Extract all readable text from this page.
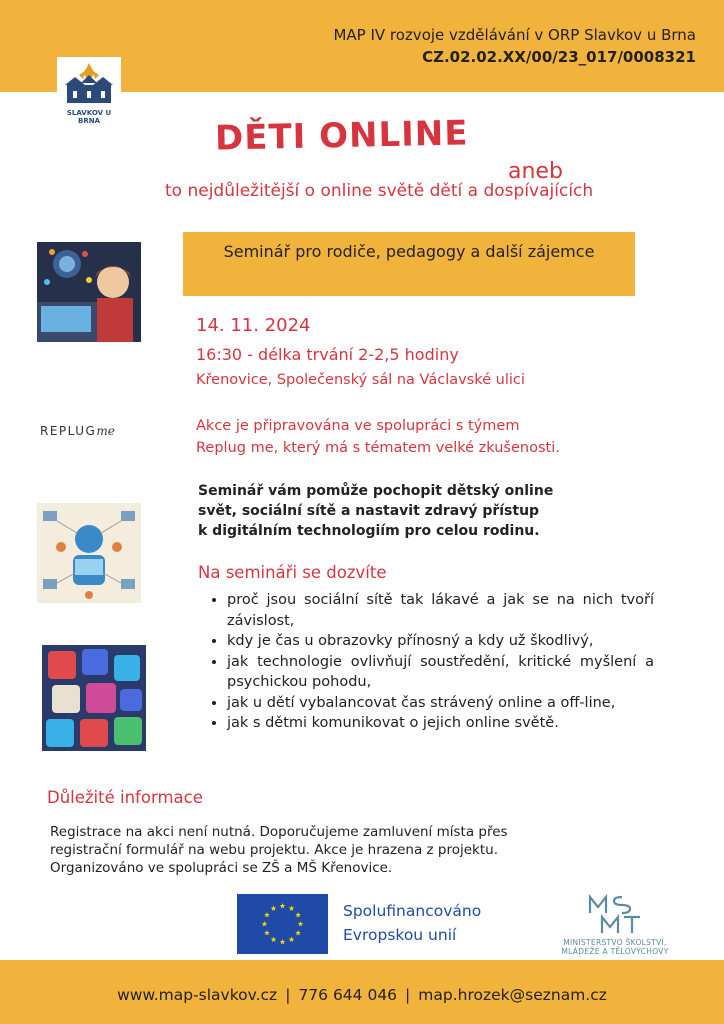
MAP IV rozvoje vzdělávání v ORP Slavkov u Brna
CZ.02.02.XX/00/23_017/0008321
SLAVKOV U BRNA	DĚTI ONLINE
aneb
to nejdůležitější o online světě dětí a dospívajících
Seminář pro rodiče, pedagogy a další zájemce
14. 11. 2024
16:30 - délka trvání 2-2,5 hodiny
Křenovice, Společenský sál na Václavské ulici
REPLUGme	Akce je připravována ve spolupráci s týmem
Replug me, který má s tématem velké zkušenosti.
Seminář vám pomůže pochopit dětský online
svět, sociální sítě a nastavit zdravý přístup
k digitálním technologiím pro celou rodinu.
Na semináři se dozvíte
• proč jsou sociální sítě tak lákavé a jak se na nich tvoří závislost,
• kdy je čas u obrazovky přínosný a kdy už škodlivý,
• jak technologie ovlivňují soustředění, kritické myšlení a psychickou pohodu,
• jak u dětí vybalancovat čas strávený online a off-line,
• jak s dětmi komunikovat o jejich online světě.
Důležité informace
Registrace na akci není nutná. Doporučujeme zamluvení místa přes
registrační formulář na webu projektu. Akce je hrazena z projektu.
Organizováno ve spolupráci se ZŠ a MŠ Křenovice.
Spolufinancováno
Evropskou unií	MINISTERSTVO ŠKOLSTVÍ,
MLÁDEŽE A TĚLOVÝCHOVY
www.map-slavkov.cz | 776 644 046 | map.hrozek@seznam.cz
